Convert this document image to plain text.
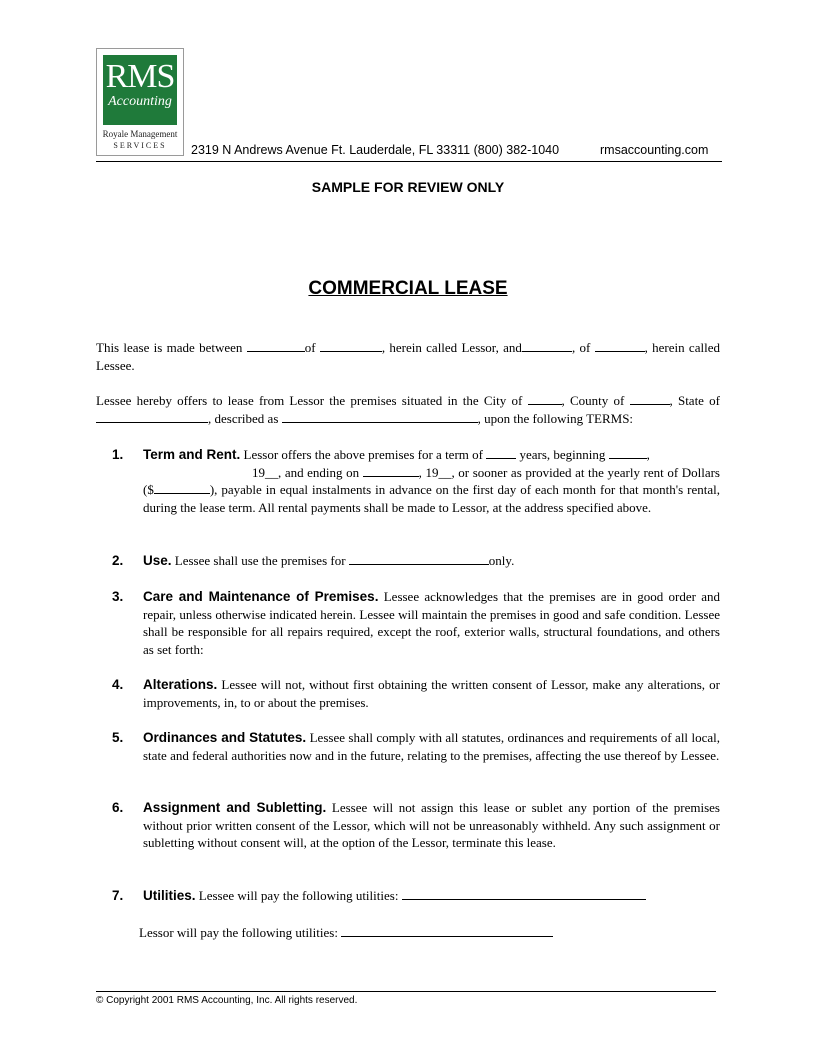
RMS
Accounting
Royale Management
SERVICES	2319 N Andrews Avenue Ft. Lauderdale, FL 33311 (800) 382-1040	rmsaccounting.com
SAMPLE FOR REVIEW ONLY
COMMERCIAL LEASE
This lease is made between	of	, herein called Lessor, and	, of	, herein called Lessee.
Lessee hereby offers to lease from Lessor the premises situated in the City of	, County of	, State of , described as	, upon the following TERMS:
1. Term and Rent. Lessor offers the above premises for a term of  years, beginning	,
19__, and ending on	, 19__, or sooner as provided at the yearly rent of Dollars ($	), payable in equal instalments in advance on the first day of each month for that month's rental, during the lease term. All rental payments shall be made to Lessor, at the address specified above.
2. Use. Lessee shall use the premises for	only.
3. Care and Maintenance of Premises. Lessee acknowledges that the premises are in good order and repair, unless otherwise indicated herein. Lessee will maintain the premises in good and safe condition. Lessee shall be responsible for all repairs required, except the roof, exterior walls, structural foundations, and others as set forth:
4. Alterations. Lessee will not, without first obtaining the written consent of Lessor, make any alterations, or improvements, in, to or about the premises.
5. Ordinances and Statutes. Lessee shall comply with all statutes, ordinances and requirements of all local, state and federal authorities now and in the future, relating to the premises, affecting the use thereof by Lessee.
6. Assignment and Subletting. Lessee will not assign this lease or sublet any portion of the premises without prior written consent of the Lessor, which will not be unreasonably withheld. Any such assignment or subletting without consent will, at the option of the Lessor, terminate this lease.
7. Utilities. Lessee will pay the following utilities:
Lessor will pay the following utilities:
© Copyright 2001 RMS Accounting, Inc. All rights reserved.
